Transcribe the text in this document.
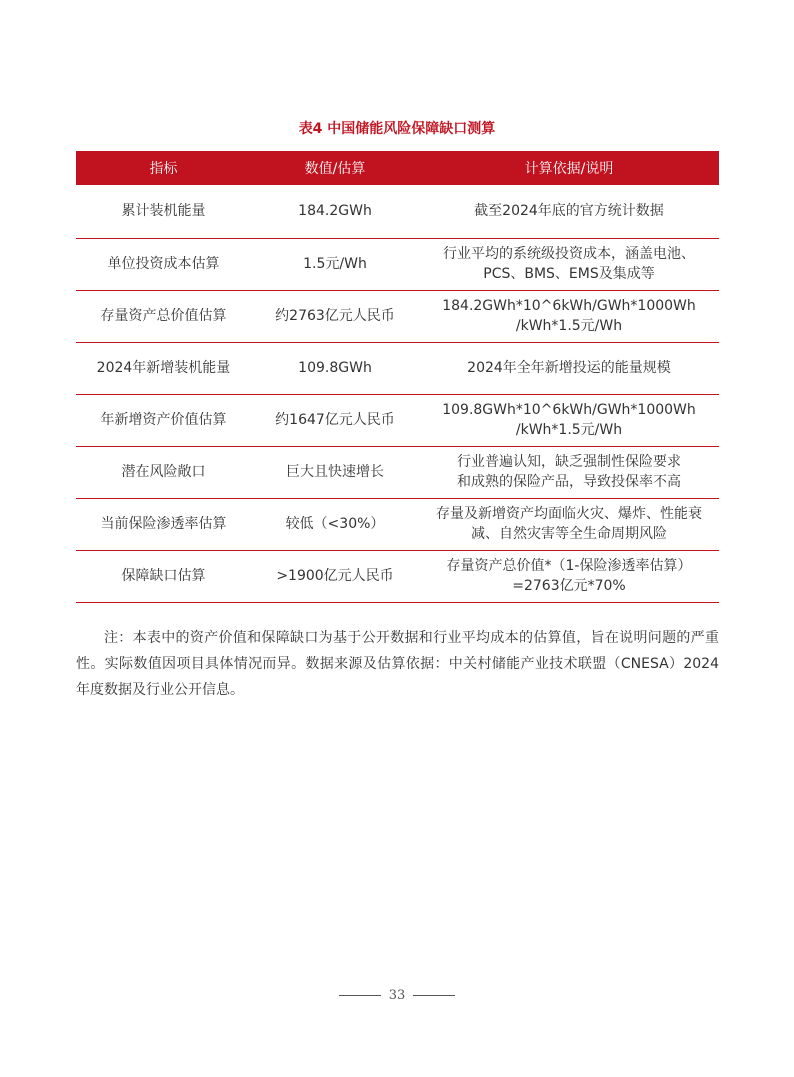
表4 中国储能风险保障缺口测算
指标	数值/估算	计算依据/说明
累计装机能量	184.2GWh	截至2024年底的官方统计数据

单位投资成本估算	1.5元/Wh	行业平均的系统级投资成本，涵盖电池、
PCS、BMS、EMS及集成等

存量资产总价值估算	约2763亿元人民币	184.2GWh*10^6kWh/GWh*1000Wh
/kWh*1.5元/Wh

2024年新增装机能量	109.8GWh	2024年全年新增投运的能量规模

年新增资产价值估算	约1647亿元人民币	109.8GWh*10^6kWh/GWh*1000Wh
/kWh*1.5元/Wh

潜在风险敞口	巨大且快速增长	行业普遍认知，缺乏强制性保险要求
和成熟的保险产品，导致投保率不高

当前保险渗透率估算	较低（<30%）	存量及新增资产均面临火灾、爆炸、性能衰
减、自然灾害等全生命周期风险

保障缺口估算	>1900亿元人民币	存量资产总价值*（1-保险渗透率估算）
=2763亿元*70%
注：本表中的资产价值和保障缺口为基于公开数据和行业平均成本的估算值，旨在说明问题的严重性。实际数值因项目具体情况而异。数据来源及估算依据：中关村储能产业技术联盟（CNESA）2024年度数据及行业公开信息。
33
